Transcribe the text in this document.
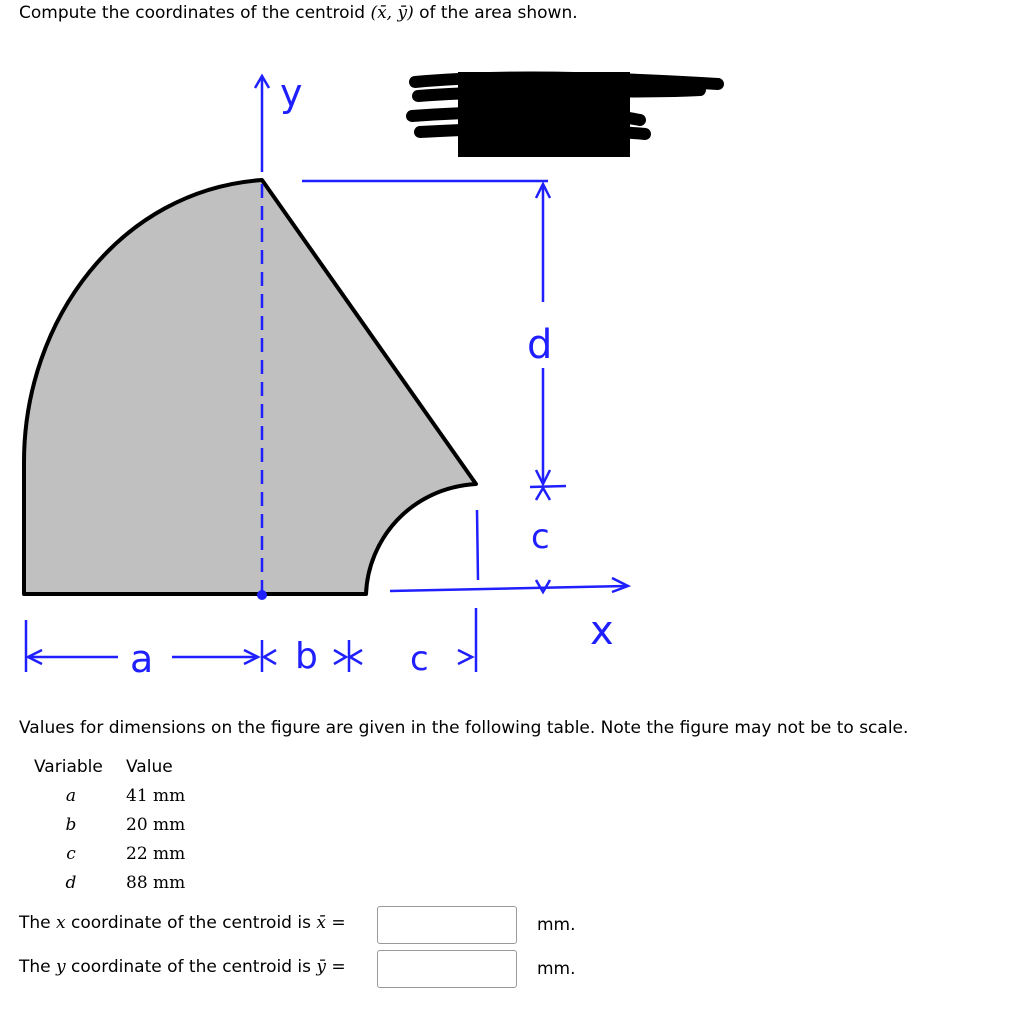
Compute the coordinates of the centroid (x̄, ȳ) of the area shown.
y
x
d
c
a	b	c
Values for dimensions on the figure are given in the following table. Note the figure may not be to scale.
Variable	Value
a	41 mm
b	20 mm
c	22 mm
d	88 mm
The x coordinate of the centroid is x̄ =	mm.
The y coordinate of the centroid is ȳ =	mm.
